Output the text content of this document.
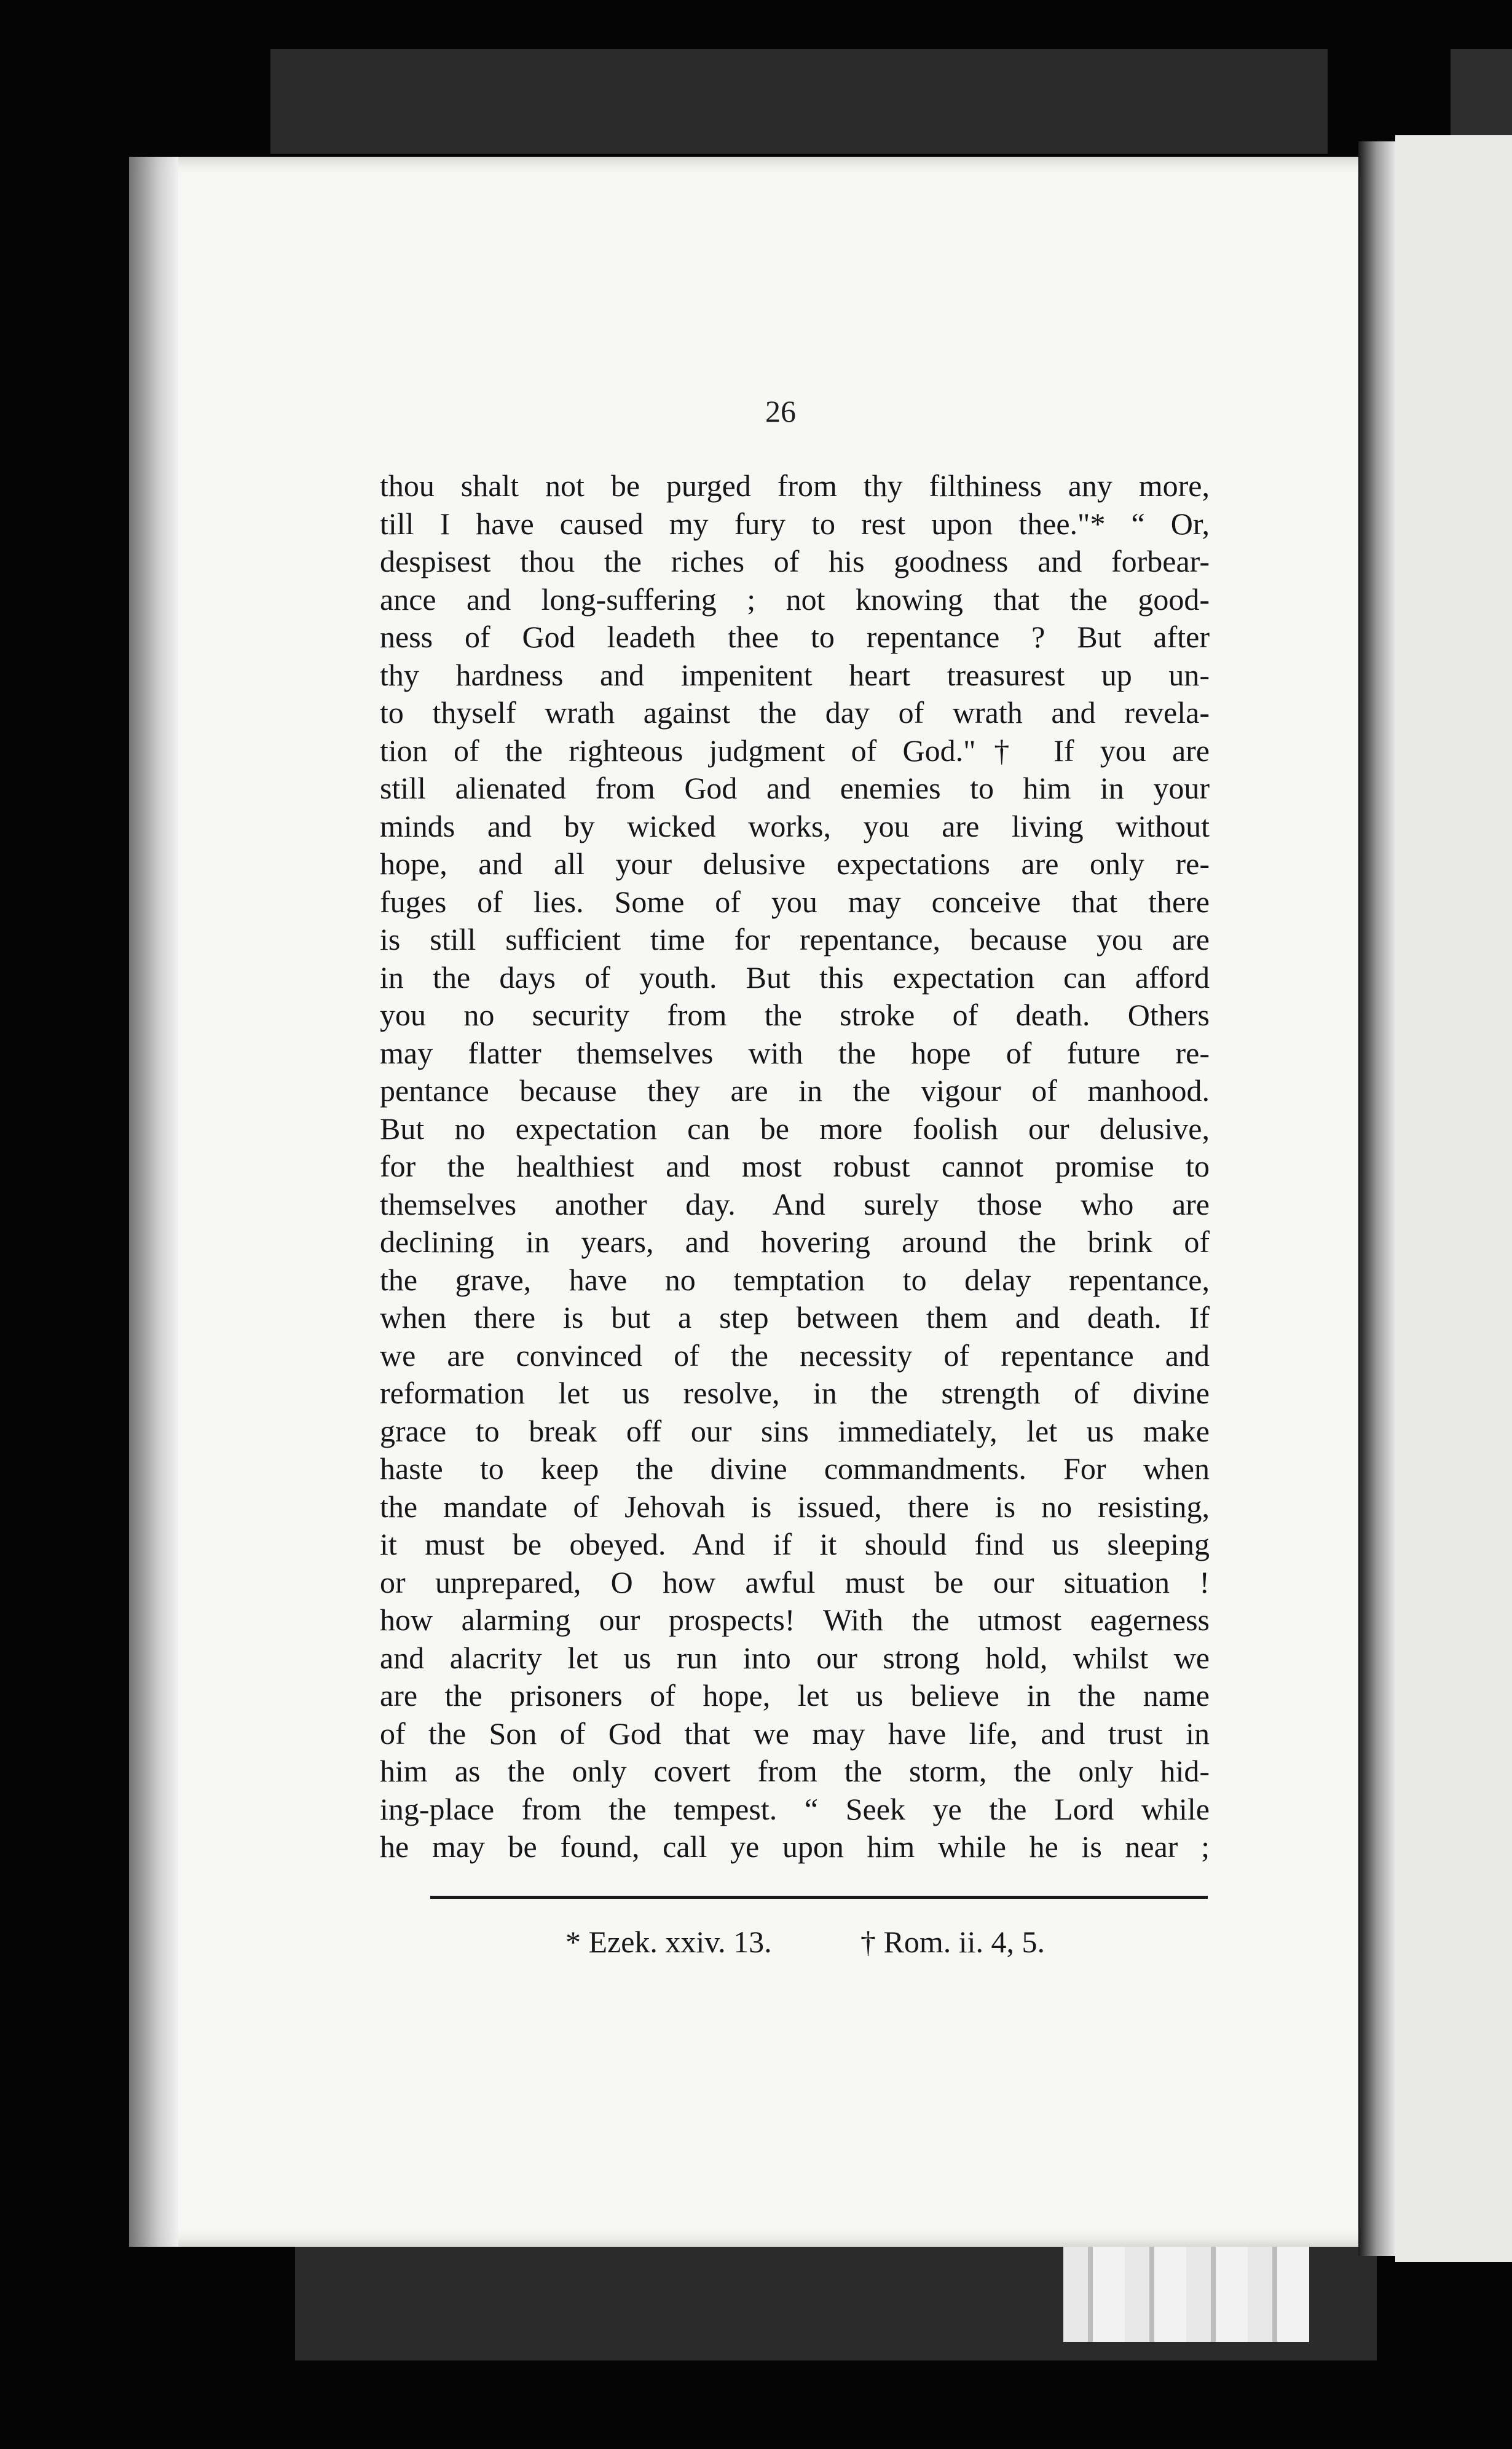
26
thou shalt not be purged from thy filthiness any more,
till I have caused my fury to rest upon thee."* “ Or,
despisest thou the riches of his goodness and forbear-
ance and long-suffering ; not knowing that the good-
ness of God leadeth thee to repentance ? But after
thy hardness and impenitent heart treasurest up un-
to thyself wrath against the day of wrath and revela-
tion of the righteous judgment of God."† If you are
still alienated from God and enemies to him in your
minds and by wicked works, you are living without
hope, and all your delusive expectations are only re-
fuges of lies. Some of you may conceive that there
is still sufficient time for repentance, because you are
in the days of youth. But this expectation can afford
you no security from the stroke of death. Others
may flatter themselves with the hope of future re-
pentance because they are in the vigour of manhood.
But no expectation can be more foolish our delusive,
for the healthiest and most robust cannot promise to
themselves another day. And surely those who are
declining in years, and hovering around the brink of
the grave, have no temptation to delay repentance,
when there is but a step between them and death. If
we are convinced of the necessity of repentance and
reformation let us resolve, in the strength of divine
grace to break off our sins immediately, let us make
haste to keep the divine commandments. For when
the mandate of Jehovah is issued, there is no resisting,
it must be obeyed. And if it should find us sleeping
or unprepared, O how awful must be our situation !
how alarming our prospects! With the utmost eagerness
and alacrity let us run into our strong hold, whilst we
are the prisoners of hope, let us believe in the name
of the Son of God that we may have life, and trust in
him as the only covert from the storm, the only hid-
ing-place from the tempest. “ Seek ye the Lord while
he may be found, call ye upon him while he is near ;
* Ezek. xxiv. 13.	† Rom. ii. 4, 5.
